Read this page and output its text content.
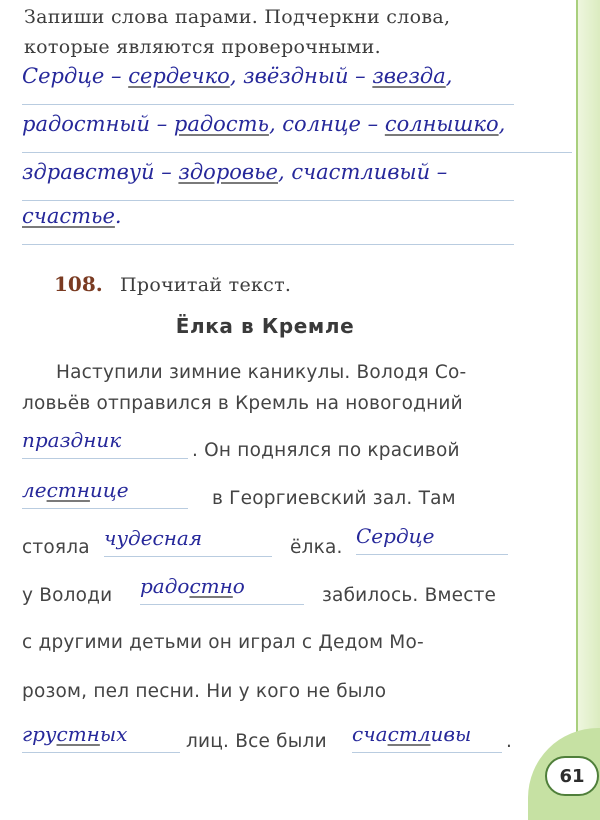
Запиши слова парами. Подчеркни слова,
которые являются проверочными.
Сердце – сердечко, звёздный – звезда,
радостный – радость, солнце – солнышко,
здравствуй – здоровье, счастливый –
счастье.
108. Прочитай текст.
Ёлка в Кремле
Наступили зимние каникулы. Володя Со-
ловьёв отправился в Кремль на новогодний
праздник	. Он поднялся по красивой
лестнице	в Георгиевский зал. Там
стояла чудесная	ёлка. Сердце
у Володи радостно	забилось. Вместе
с другими детьми он играл с Дедом Мо-
розом, пел песни. Ни у кого не было
грустных	лиц. Все были счастливы	.
61
